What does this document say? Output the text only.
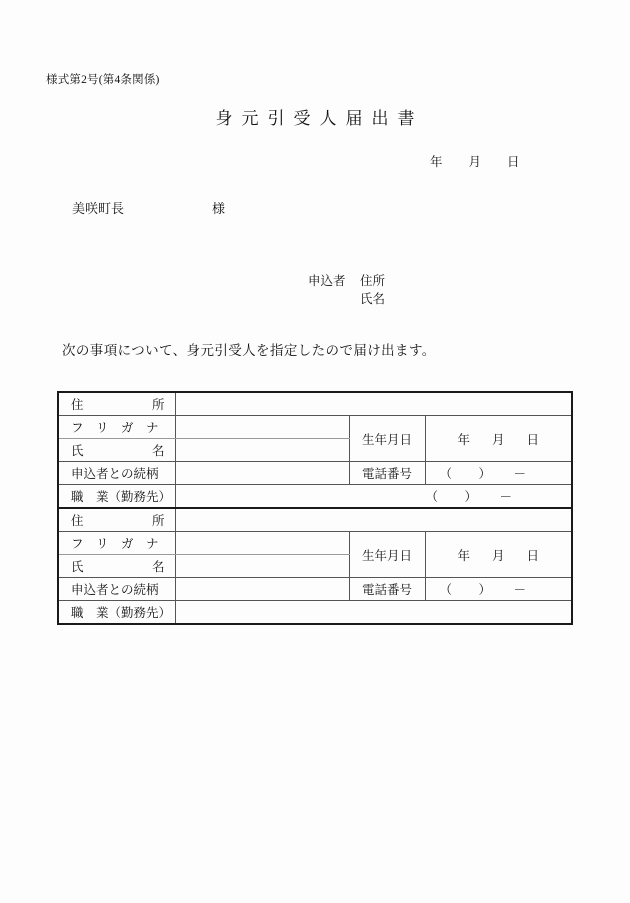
様式第2号(第4条関係)
身元引受人届出書
年 月 日
美咲町長	様
申込者 住所
氏名
次の事項について、身元引受人を指定したので届け出ます。
住 所			

フ　リ　ガ　ナ		生年月日	年 月 日

氏 名			

申込者との続柄		電話番号	（ ） －

職　業（勤務先）	（ ） －		

住 所			

フ　リ　ガ　ナ		生年月日	年 月 日

氏 名			

申込者との続柄		電話番号	（ ） －

職　業（勤務先）			
